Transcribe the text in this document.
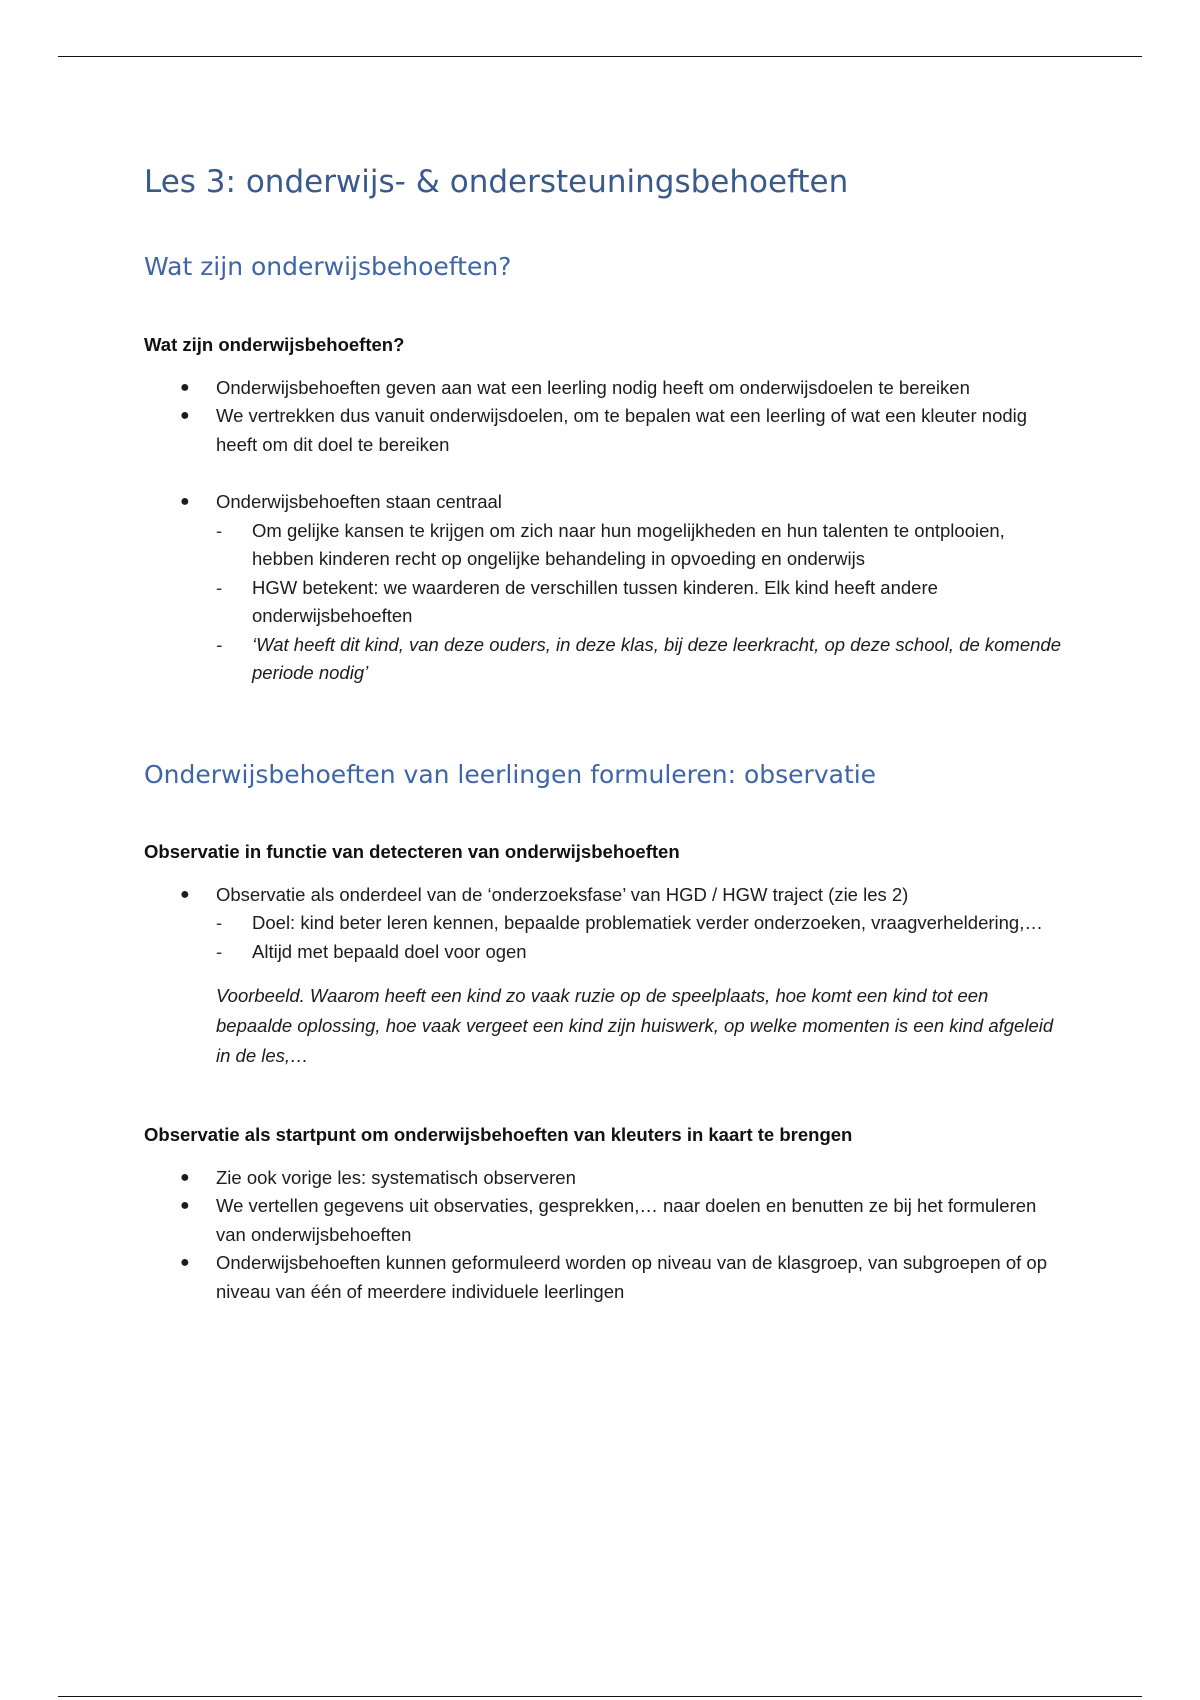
Les 3: onderwijs- & ondersteuningsbehoeften
Wat zijn onderwijsbehoeften?
Wat zijn onderwijsbehoeften?
● Onderwijsbehoeften geven aan wat een leerling nodig heeft om onderwijsdoelen te bereiken
● We vertrekken dus vanuit onderwijsdoelen, om te bepalen wat een leerling of wat een kleuter nodig heeft om dit doel te bereiken
● Onderwijsbehoeften staan centraal
- Om gelijke kansen te krijgen om zich naar hun mogelijkheden en hun talenten te ontplooien, hebben kinderen recht op ongelijke behandeling in opvoeding en onderwijs
- HGW betekent: we waarderen de verschillen tussen kinderen. Elk kind heeft andere onderwijsbehoeften
- ‘Wat heeft dit kind, van deze ouders, in deze klas, bij deze leerkracht, op deze school, de komende periode nodig’
Onderwijsbehoeften van leerlingen formuleren: observatie
Observatie in functie van detecteren van onderwijsbehoeften
● Observatie als onderdeel van de ‘onderzoeksfase’ van HGD / HGW traject (zie les 2)
- Doel: kind beter leren kennen, bepaalde problematiek verder onderzoeken, vraagverheldering,…
- Altijd met bepaald doel voor ogen

Voorbeeld. Waarom heeft een kind zo vaak ruzie op de speelplaats, hoe komt een kind tot een bepaalde oplossing, hoe vaak vergeet een kind zijn huiswerk, op welke momenten is een kind afgeleid in de les,…

Observatie als startpunt om onderwijsbehoeften van kleuters in kaart te brengen
● Zie ook vorige les: systematisch observeren
● We vertellen gegevens uit observaties, gesprekken,… naar doelen en benutten ze bij het formuleren van onderwijsbehoeften
● Onderwijsbehoeften kunnen geformuleerd worden op niveau van de klasgroep, van subgroepen of op niveau van één of meerdere individuele leerlingen
